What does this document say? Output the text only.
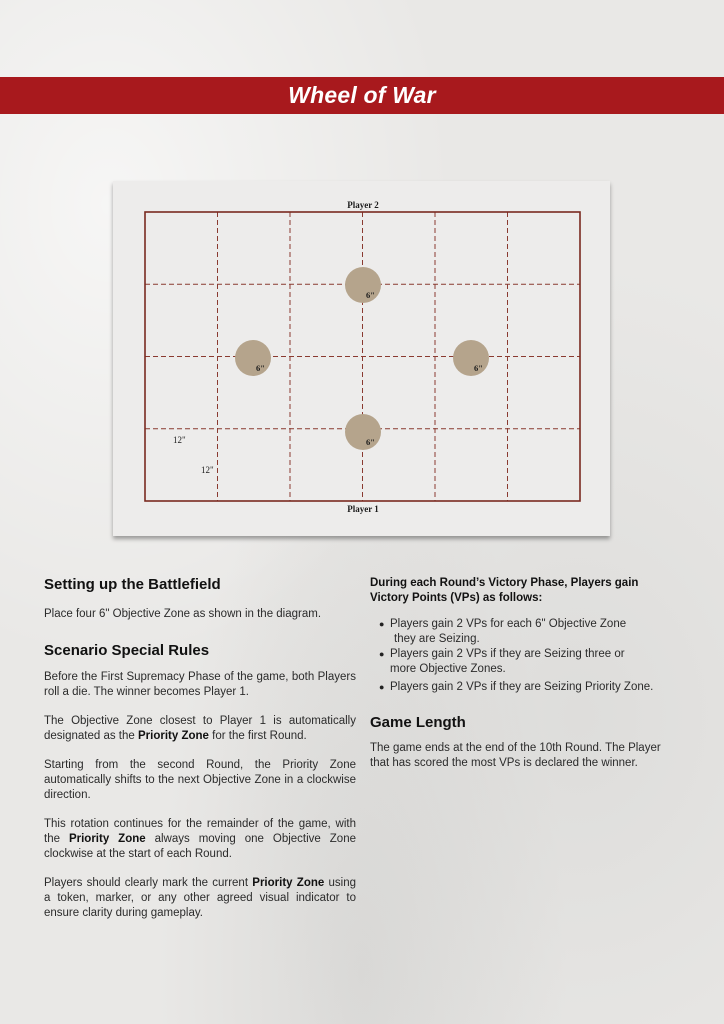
Wheel of War
6"
6"	6"
6"
Player 2
Player 1
12"
12"
Setting up the Battlefield

Place four 6" Objective Zone as shown in the diagram.

Scenario Special Rules

Before the First Supremacy Phase of the game, both Players roll a die. The winner becomes Player 1.

The Objective Zone closest to Player 1 is automatically designated as the Priority Zone for the first Round.

Starting from the second Round, the Priority Zone automatically shifts to the next Objective Zone in a clockwise direction.

This rotation continues for the remainder of the game, with the Priority Zone always moving one Objective Zone clockwise at the start of each Round.

Players should clearly mark the current Priority Zone using a token, marker, or any other agreed visual indicator to ensure clarity during gameplay.

During each Round’s Victory Phase, Players gain Victory Points (VPs) as follows:

● Players gain 2 VPs for each 6" Objective Zone
they are Seizing.
● Players gain 2 VPs if they are Seizing three or
more Objective Zones.
● Players gain 2 VPs if they are Seizing Priority Zone.
Game Length

The game ends at the end of the 10th Round. The Player that has scored the most VPs is declared the winner.
